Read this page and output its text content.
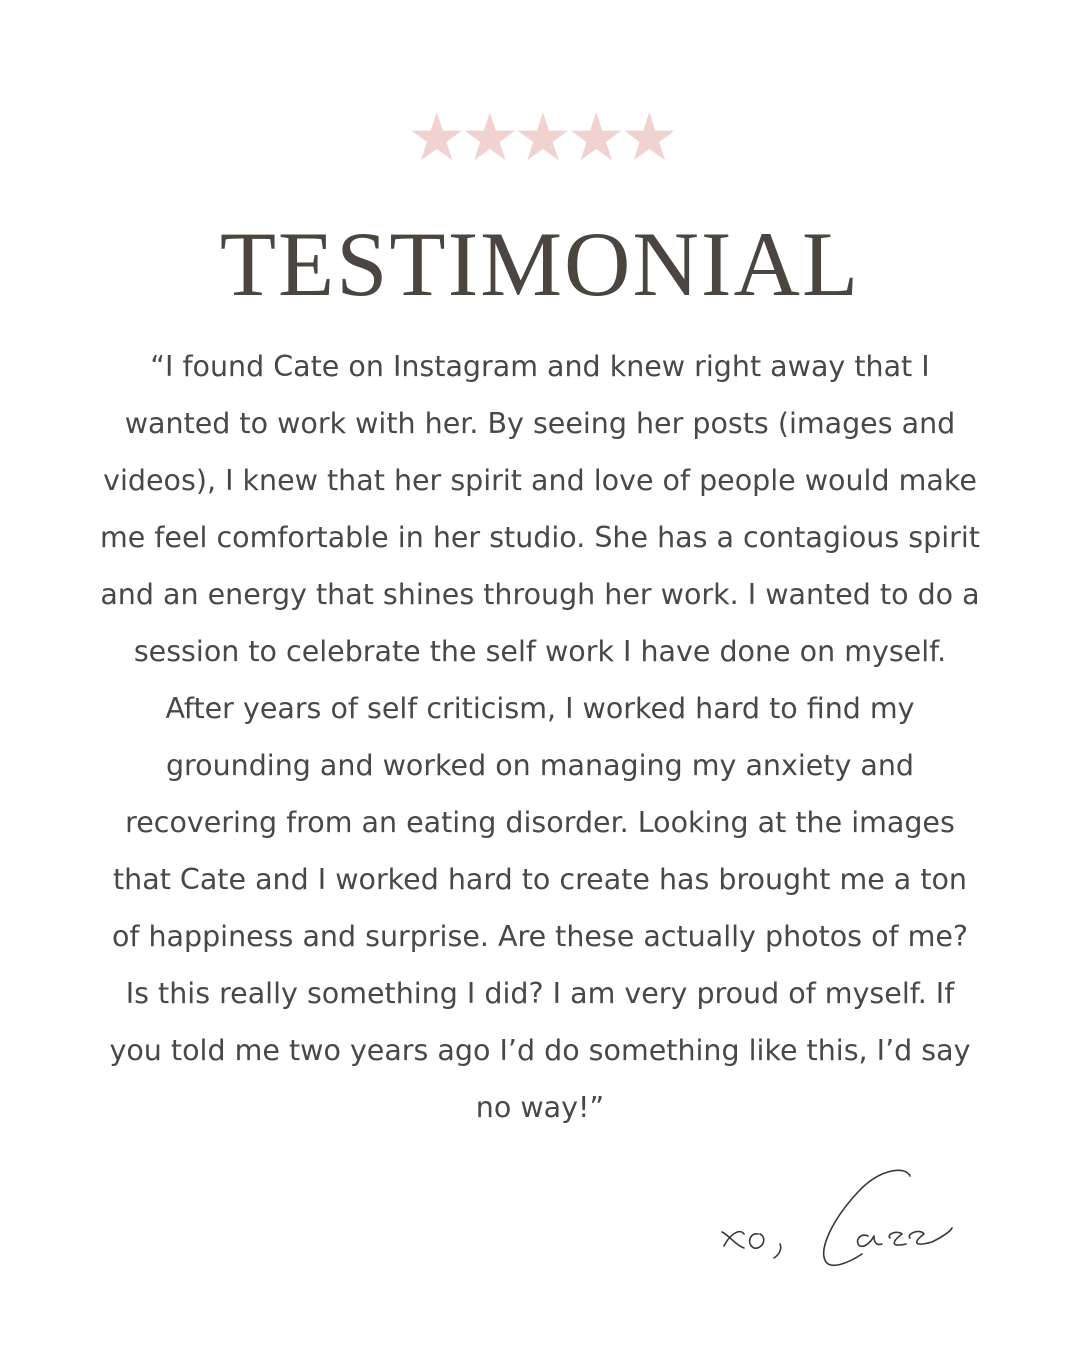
★★★★★
TESTIMONIAL

“I found Cate on Instagram and knew right away that I wanted to work with her. By seeing her posts (images and videos), I knew that her spirit and love of people would make me feel comfortable in her studio. She has a contagious spirit and an energy that shines through her work. I wanted to do a session to celebrate the self work I have done on myself. After years of self criticism, I worked hard to find my grounding and worked on managing my anxiety and recovering from an eating disorder. Looking at the images that Cate and I worked hard to create has brought me a ton of happiness and surprise. Are these actually photos of me? Is this really something I did? I am very proud of myself. If you told me two years ago I’d do something like this, I’d say no way!”
